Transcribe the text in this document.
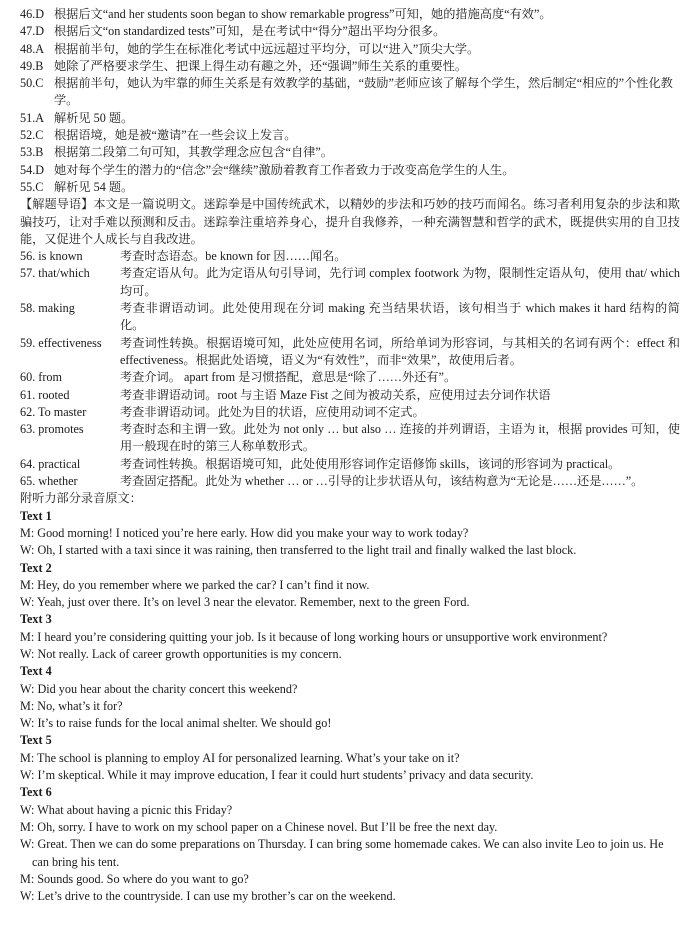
46.D 根据后文“and her students soon began to show remarkable progress”可知，她的措施高度“有效”。
47.D 根据后文“on standardized tests”可知，是在考试中“得分”超出平均分很多。
48.A 根据前半句，她的学生在标准化考试中远远超过平均分，可以“进入”顶尖大学。
49.B 她除了严格要求学生、把课上得生动有趣之外，还“强调”师生关系的重要性。
50.C 根据前半句，她认为牢靠的师生关系是有效教学的基础，“鼓励”老师应该了解每个学生，然后制定“相应的”个性化教学。
51.A 解析见 50 题。
52.C 根据语境，她是被“邀请”在一些会议上发言。
53.B 根据第二段第二句可知，其教学理念应包含“自律”。
54.D 她对每个学生的潜力的“信念”会“继续”激励着教育工作者致力于改变高危学生的人生。
55.C 解析见 54 题。
【解题导语】本文是一篇说明文。迷踪拳是中国传统武术，以精妙的步法和巧妙的技巧而闻名。练习者利用复杂的步法和欺骗技巧，让对手难以预测和反击。迷踪拳注重培养身心，提升自我修养，一种充满智慧和哲学的武术，既提供实用的自卫技能，又促进个人成长与自我改进。
56. is known	考查时态语态。be known for 因……闻名。
57. that/which	考查定语从句。此为定语从句引导词，先行词 complex footwork 为物，限制性定语从句，使用 that/ which 均可。
58. making	考查非谓语动词。此处使用现在分词 making 充当结果状语，该句相当于 which makes it hard 结构的简化。
59. effectiveness	考查词性转换。根据语境可知，此处应使用名词，所给单词为形容词，与其相关的名词有两个：effect 和 effectiveness。根据此处语境，语义为“有效性”，而非“效果”，故使用后者。
60. from	考查介词。 apart from 是习惯搭配，意思是“除了……外还有”。
61. rooted	考查非谓语动词。root 与主语 Maze Fist 之间为被动关系，应使用过去分词作状语
62. To master	考查非谓语动词。此处为目的状语，应使用动词不定式。
63. promotes	考查时态和主谓一致。此处为 not only … but also … 连接的并列谓语，主语为 it，根据 provides 可知，使用一般现在时的第三人称单数形式。
64. practical	考查词性转换。根据语境可知，此处使用形容词作定语修饰 skills，该词的形容词为 practical。
65. whether	考查固定搭配。此处为 whether … or …引导的让步状语从句，该结构意为“无论是……还是……”。
附听力部分录音原文：
Text 1
M: Good morning! I noticed you’re here early. How did you make your way to work today?
W: Oh, I started with a taxi since it was raining, then transferred to the light trail and finally walked the last block.
Text 2
M: Hey, do you remember where we parked the car? I can’t find it now.
W: Yeah, just over there. It’s on level 3 near the elevator. Remember, next to the green Ford.
Text 3
M: I heard you’re considering quitting your job. Is it because of long working hours or unsupportive work environment?
W: Not really. Lack of career growth opportunities is my concern.
Text 4
W: Did you hear about the charity concert this weekend?
M: No, what’s it for?
W: It’s to raise funds for the local animal shelter. We should go!
Text 5
M: The school is planning to employ AI for personalized learning. What’s your take on it?
W: I’m skeptical. While it may improve education, I fear it could hurt students’ privacy and data security.
Text 6
W: What about having a picnic this Friday?
M: Oh, sorry. I have to work on my school paper on a Chinese novel. But I’ll be free the next day.
W: Great. Then we can do some preparations on Thursday. I can bring some homemade cakes. We can also invite Leo to join us. He can bring his tent.
M: Sounds good. So where do you want to go?
W: Let’s drive to the countryside. I can use my brother’s car on the weekend.
